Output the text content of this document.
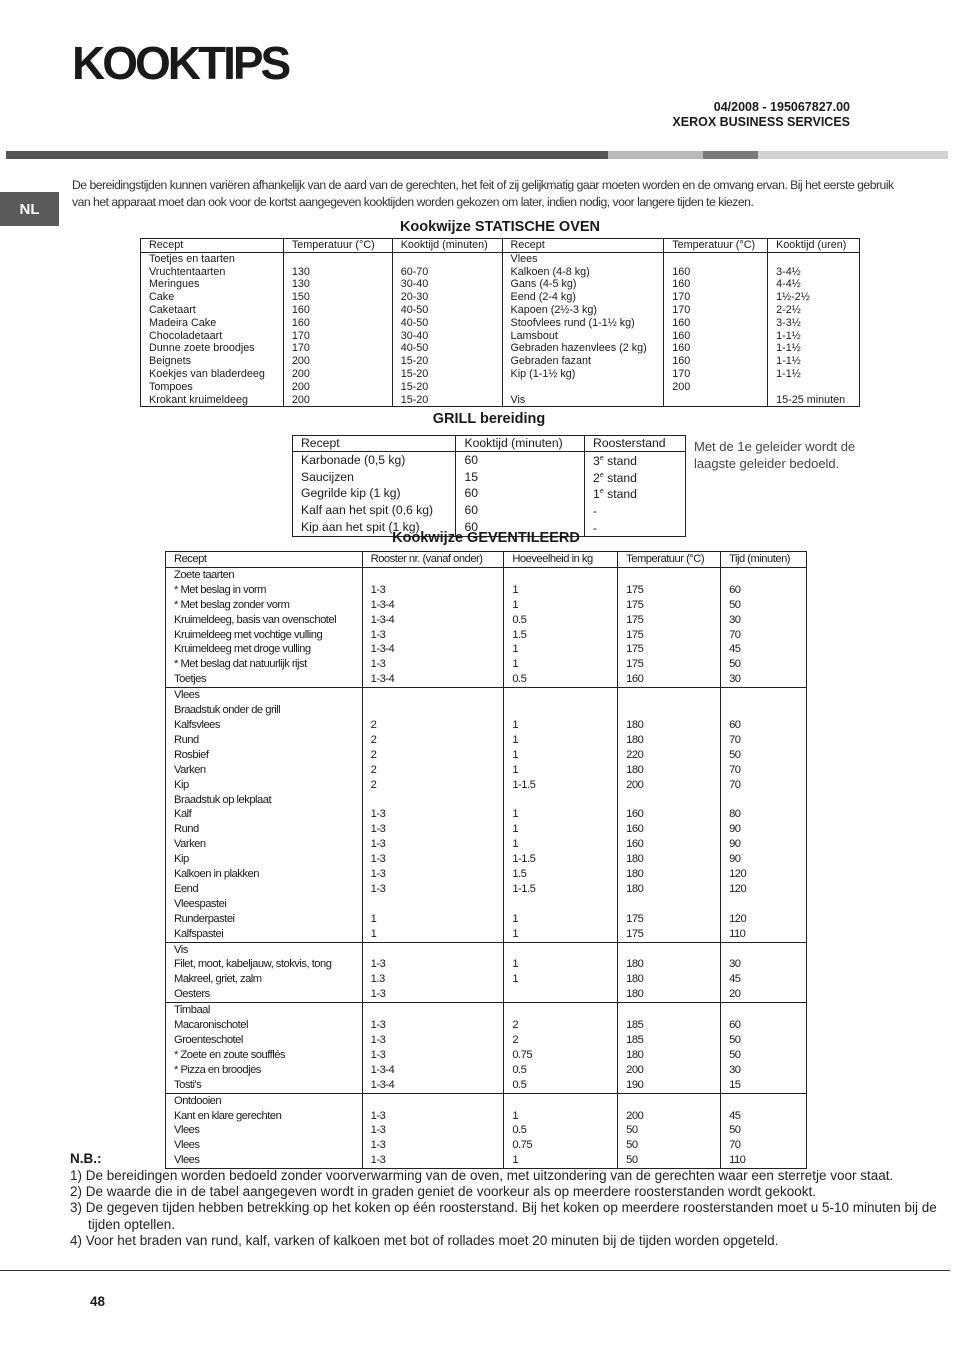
KOOKTIPS
04/2008 - 195067827.00
XEROX BUSINESS SERVICES
NL
De bereidingstijden kunnen variëren afhankelijk van de aard van de gerechten, het feit of zij gelijkmatig gaar moeten worden en de omvang ervan. Bij het eerste gebruik van het apparaat moet dan ook voor de kortst aangegeven kooktijden worden gekozen om later, indien nodig, voor langere tijden te kiezen.
Kookwijze STATISCHE OVEN
Recept	Temperatuur (°C)	Kooktijd (minuten)	Recept	Temperatuur (°C)	Kooktijd (uren)
Toetjes en taarten			Vlees		
Vruchtentaarten	130	60-70	Kalkoen (4-8 kg)	160	3-4½
Meringues	130	30-40	Gans (4-5 kg)	160	4-4½
Cake	150	20-30	Eend (2-4 kg)	170	1½-2½
Caketaart	160	40-50	Kapoen (2½-3 kg)	170	2-2½
Madeira Cake	160	40-50	Stoofvlees rund (1-1½ kg)	160	3-3½
Chocoladetaart	170	30-40	Lamsbout	160	1-1½
Dunne zoete broodjes	170	40-50	Gebraden hazenvlees (2 kg)	160	1-1½
Beignets	200	15-20	Gebraden fazant	160	1-1½
Koekjes van bladerdeeg	200	15-20	Kip (1-1½ kg)	170	1-1½
Tompoes	200	15-20		200	
Krokant kruimeldeeg	200	15-20	Vis		15-25 minuten
GRILL bereiding
Recept	Kooktijd (minuten)	Roosterstand
Karbonade (0,5 kg)	60	3e stand
Saucijzen	15	2e stand
Gegrilde kip (1 kg)	60	1e stand
Kalf aan het spit (0,6 kg)	60	-
Kip aan het spit (1 kg)	60	-
Met de 1e geleider wordt de laagste geleider bedoeld.
Kookwijze GEVENTILEERD
Recept	Rooster nr. (vanaf onder)	Hoeveelheid in kg	Temperatuur (°C)	Tijd (minuten)
Zoete taarten				
* Met beslag in vorm	1-3	1	175	60
* Met beslag zonder vorm	1-3-4	1	175	50
Kruimeldeeg, basis van ovenschotel	1-3-4	0.5	175	30
Kruimeldeeg met vochtige vulling	1-3	1.5	175	70
Kruimeldeeg met droge vulling	1-3-4	1	175	45
* Met beslag dat natuurlijk rijst	1-3	1	175	50
Toetjes	1-3-4	0.5	160	30
Vlees				
Braadstuk onder de grill				
Kalfsvlees	2	1	180	60
Rund	2	1	180	70
Rosbief	2	1	220	50
Varken	2	1	180	70
Kip	2	1-1.5	200	70
Braadstuk op lekplaat				
Kalf	1-3	1	160	80
Rund	1-3	1	160	90
Varken	1-3	1	160	90
Kip	1-3	1-1.5	180	90
Kalkoen in plakken	1-3	1.5	180	120
Eend	1-3	1-1.5	180	120
Vleespastei				
Runderpastei	1	1	175	120
Kalfspastei	1	1	175	110
Vis				
Filet, moot, kabeljauw, stokvis, tong	1-3	1	180	30
Makreel, griet, zalm	1.3	1	180	45
Oesters	1-3		180	20
Timbaal				
Macaronischotel	1-3	2	185	60
Groenteschotel	1-3	2	185	50
* Zoete en zoute soufflés	1-3	0.75	180	50
* Pizza en broodjes	1-3-4	0.5	200	30
Tosti's	1-3-4	0.5	190	15
Ontdooien				
Kant en klare gerechten	1-3	1	200	45
Vlees	1-3	0.5	50	50
Vlees	1-3	0.75	50	70
Vlees	1-3	1	50	110
N.B.:
1) De bereidingen worden bedoeld zonder voorverwarming van de oven, met uitzondering van de gerechten waar een sterretje voor staat.
2) De waarde die in de tabel aangegeven wordt in graden geniet de voorkeur als op meerdere roosterstanden wordt gekookt.
3) De gegeven tijden hebben betrekking op het koken op één roosterstand. Bij het koken op meerdere roosterstanden moet u 5-10 minuten bij de tijden optellen.
4) Voor het braden van rund, kalf, varken of kalkoen met bot of rollades moet 20 minuten bij de tijden worden opgeteld.
48
